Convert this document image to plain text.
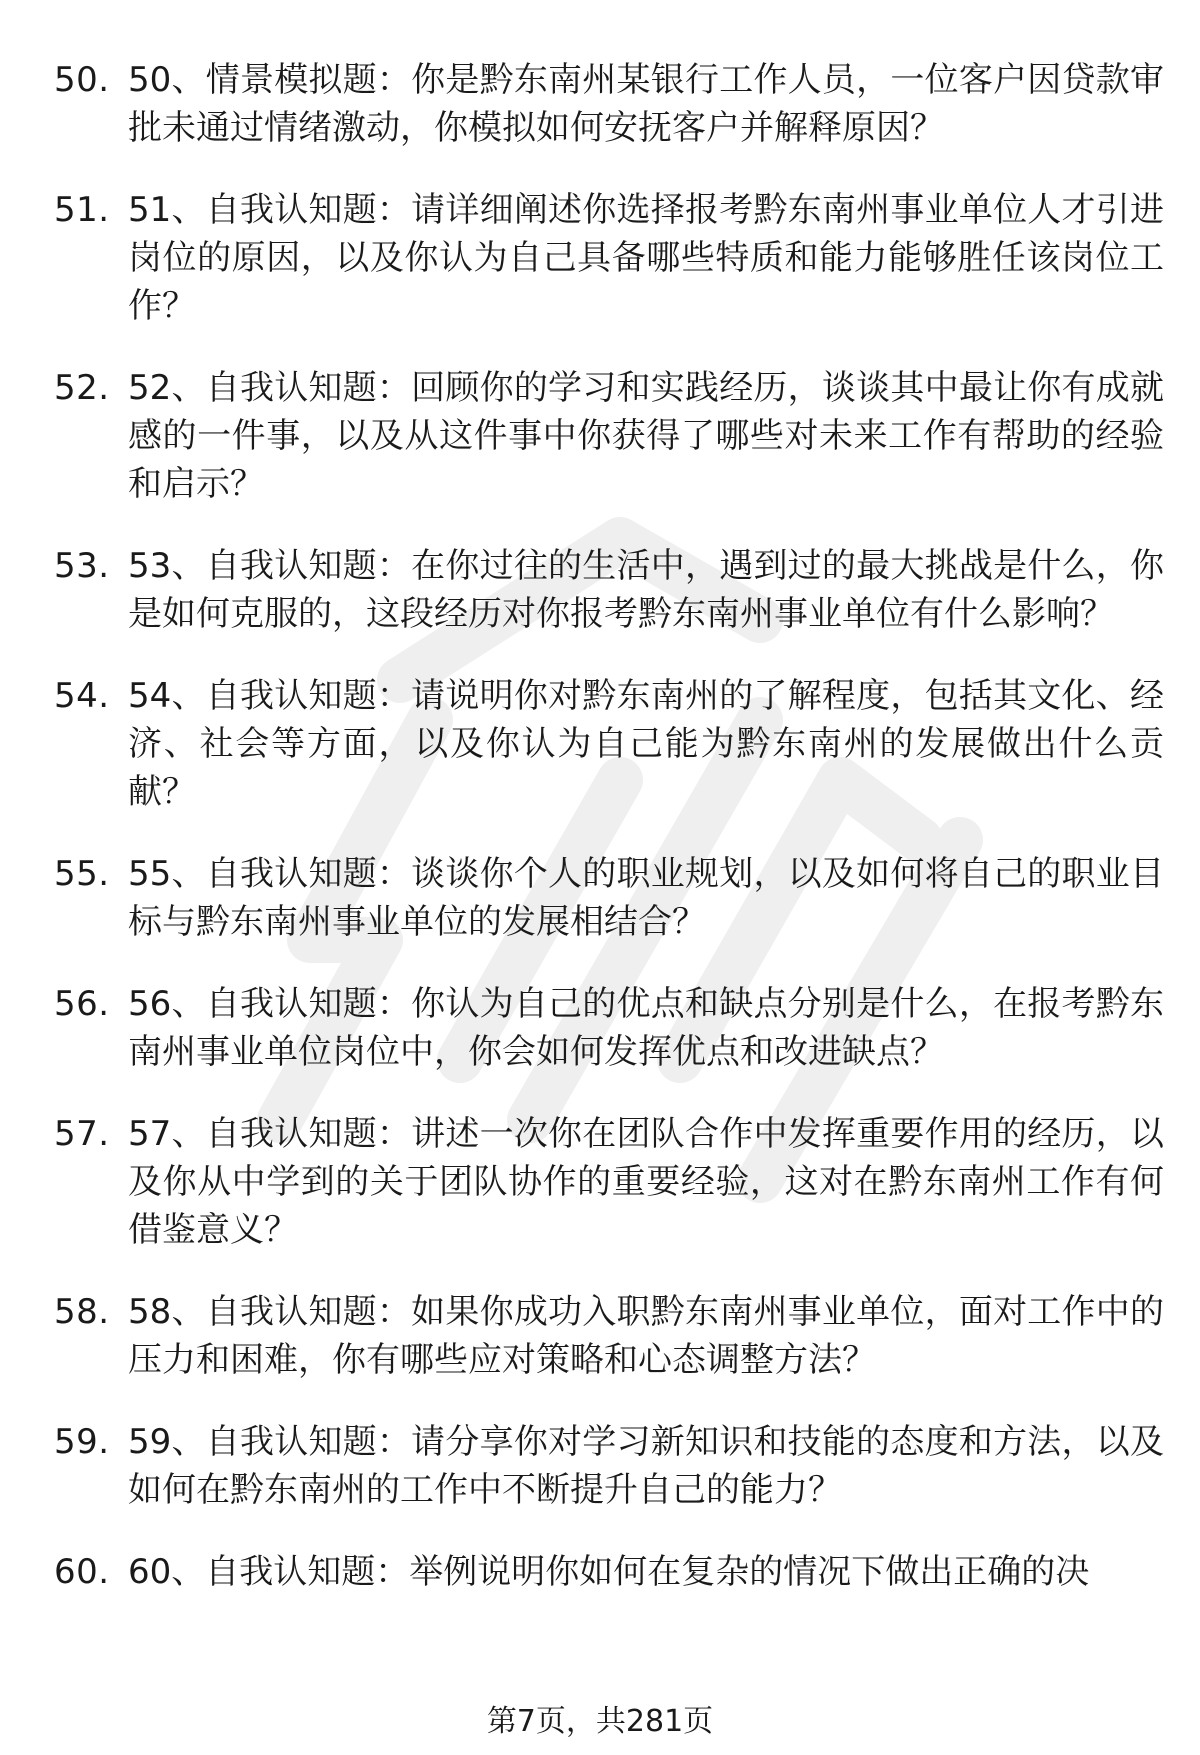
50. 50、情景模拟题：你是黔东南州某银行工作人员，一位客户因贷款审批未通过情绪激动，你模拟如何安抚客户并解释原因？
51. 51、自我认知题：请详细阐述你选择报考黔东南州事业单位人才引进岗位的原因，以及你认为自己具备哪些特质和能力能够胜任该岗位工作？
52. 52、自我认知题：回顾你的学习和实践经历，谈谈其中最让你有成就感的一件事，以及从这件事中你获得了哪些对未来工作有帮助的经验和启示？
53. 53、自我认知题：在你过往的生活中，遇到过的最大挑战是什么，你是如何克服的，这段经历对你报考黔东南州事业单位有什么影响？
54. 54、自我认知题：请说明你对黔东南州的了解程度，包括其文化、经济、社会等方面，以及你认为自己能为黔东南州的发展做出什么贡献？
55. 55、自我认知题：谈谈你个人的职业规划，以及如何将自己的职业目标与黔东南州事业单位的发展相结合？
56. 56、自我认知题：你认为自己的优点和缺点分别是什么，在报考黔东南州事业单位岗位中，你会如何发挥优点和改进缺点？
57. 57、自我认知题：讲述一次你在团队合作中发挥重要作用的经历，以及你从中学到的关于团队协作的重要经验，这对在黔东南州工作有何借鉴意义？
58. 58、自我认知题：如果你成功入职黔东南州事业单位，面对工作中的压力和困难，你有哪些应对策略和心态调整方法？
59. 59、自我认知题：请分享你对学习新知识和技能的态度和方法，以及如何在黔东南州的工作中不断提升自己的能力？
60. 60、自我认知题：举例说明你如何在复杂的情况下做出正确的决
第7页，共281页
